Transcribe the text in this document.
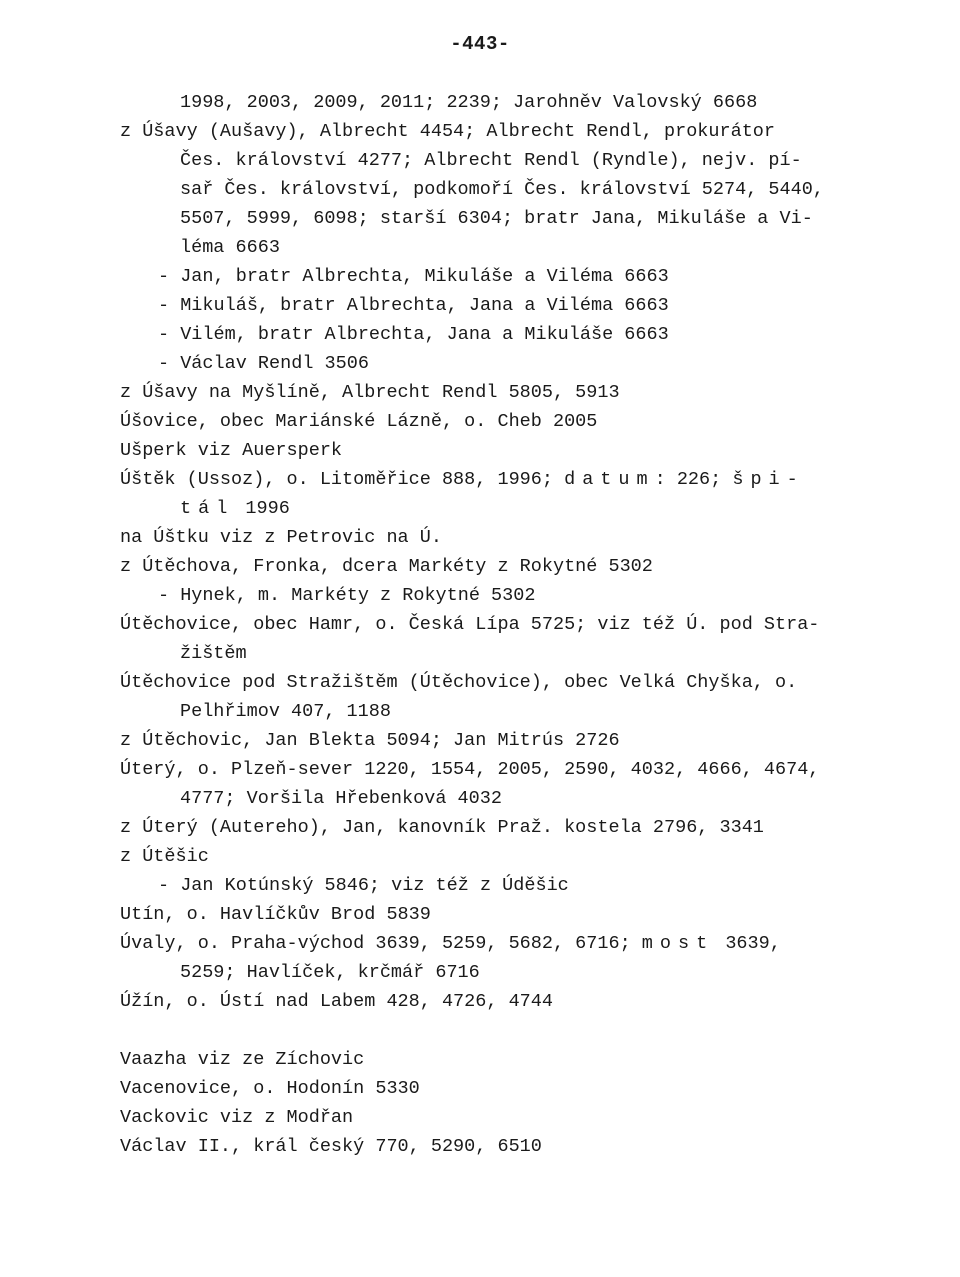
-443-
1998, 2003, 2009, 2011; 2239; Jarohněv Valovský 6668
z Úšavy (Aušavy), Albrecht 4454; Albrecht Rendl, prokurátor
Čes. království 4277; Albrecht Rendl (Ryndle), nejv. pí-
sař Čes. království, podkomoří Čes. království 5274, 5440,
5507, 5999, 6098; starší 6304; bratr Jana, Mikuláše a Vi-
léma 6663
- Jan, bratr Albrechta, Mikuláše a Viléma 6663
- Mikuláš, bratr Albrechta, Jana a Viléma 6663
- Vilém, bratr Albrechta, Jana a Mikuláše 6663
- Václav Rendl 3506
z Úšavy na Myšlíně, Albrecht Rendl 5805, 5913
Úšovice, obec Mariánské Lázně, o. Cheb 2005
Ušperk viz Auersperk
Úštěk (Ussoz), o. Litoměřice 888, 1996; datum: 226; špi-
tál 1996
na Úštku viz z Petrovic na Ú.
z Útěchova, Fronka, dcera Markéty z Rokytné 5302
- Hynek, m. Markéty z Rokytné 5302
Útěchovice, obec Hamr, o. Česká Lípa 5725; viz též Ú. pod Stra-
žištěm
Útěchovice pod Stražištěm (Útěchovice), obec Velká Chyška, o.
Pelhřimov 407, 1188
z Útěchovic, Jan Blekta 5094; Jan Mitrús 2726
Úterý, o. Plzeň-sever 1220, 1554, 2005, 2590, 4032, 4666, 4674,
4777; Voršila Hřebenková 4032
z Úterý (Autereho), Jan, kanovník Praž. kostela 2796, 3341
z Útěšic
- Jan Kotúnský 5846; viz též z Úděšic
Utín, o. Havlíčkův Brod 5839
Úvaly, o. Praha-východ 3639, 5259, 5682, 6716; most 3639,
5259; Havlíček, krčmář 6716
Úžín, o. Ústí nad Labem 428, 4726, 4744
Vaazha viz ze Zíchovic
Vacenovice, o. Hodonín 5330
Vackovic viz z Modřan
Václav II., král český 770, 5290, 6510
